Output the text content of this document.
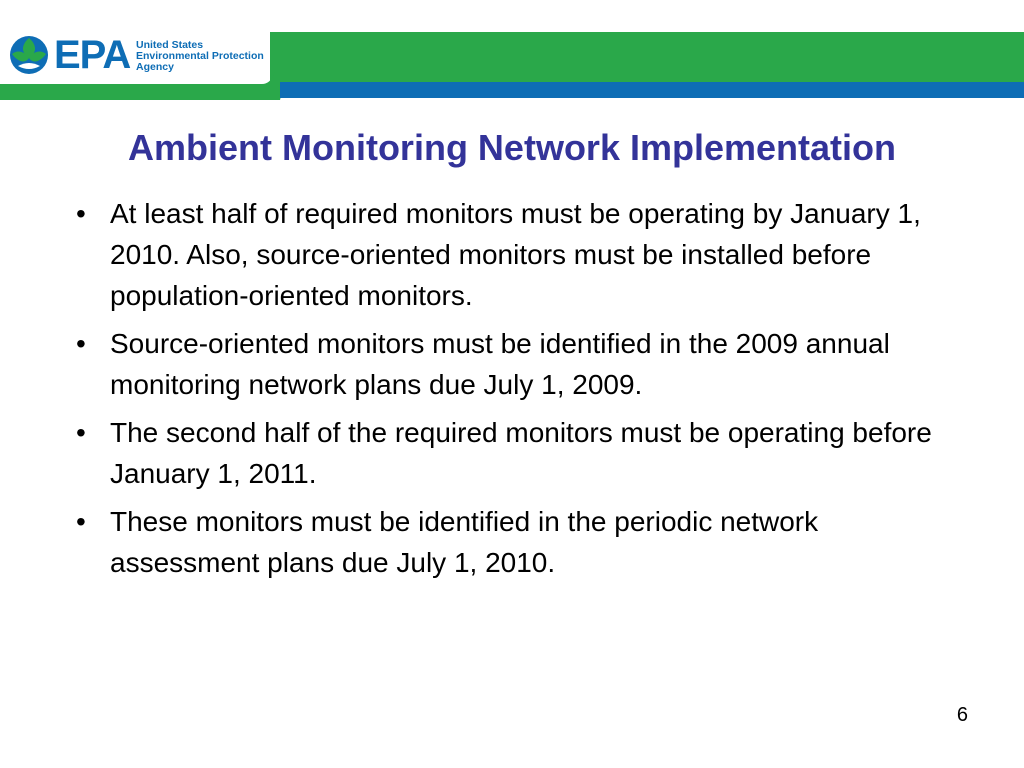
EPA United States
Environmental Protection
Agency
Ambient Monitoring Network Implementation
• At least half of required monitors must be operating by January 1, 2010. Also, source-oriented monitors must be installed before population-oriented monitors.
• Source-oriented monitors must be identified in the 2009 annual monitoring network plans due July 1, 2009.
• The second half of the required monitors must be operating before January 1, 2011.
• These monitors must be identified in the periodic network assessment plans due July 1, 2010.
6
